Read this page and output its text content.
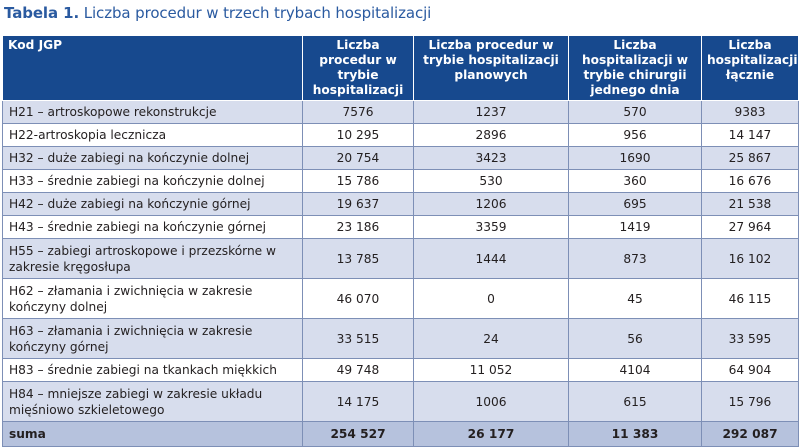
Tabela 1. Liczba procedur w trzech trybach hospitalizacji
Kod JGP	Liczba procedur w trybie hospitalizacji	Liczba procedur w trybie hospitalizacji planowych	Liczba hospitalizacji w trybie chirurgii jednego dnia	Liczba hospitalizacji łącznie
H21 – artroskopowe rekonstrukcje	7576	1237	570	9383
H22-artroskopia lecznicza	10 295	2896	956	14 147
H32 – duże zabiegi na kończynie dolnej	20 754	3423	1690	25 867
H33 – średnie zabiegi na kończynie dolnej	15 786	530	360	16 676
H42 – duże zabiegi na kończynie górnej	19 637	1206	695	21 538
H43 – średnie zabiegi na kończynie górnej	23 186	3359	1419	27 964
H55 – zabiegi artroskopowe i przezskórne w zakresie kręgosłupa	13 785	1444	873	16 102
H62 – złamania i zwichnięcia w zakresie kończyny dolnej	46 070	0	45	46 115
H63 – złamania i zwichnięcia w zakresie kończyny górnej	33 515	24	56	33 595
H83 – średnie zabiegi na tkankach miękkich	49 748	11 052	4104	64 904
H84 – mniejsze zabiegi w zakresie układu mięśniowo szkieletowego	14 175	1006	615	15 796
suma	254 527	26 177	11 383	292 087
